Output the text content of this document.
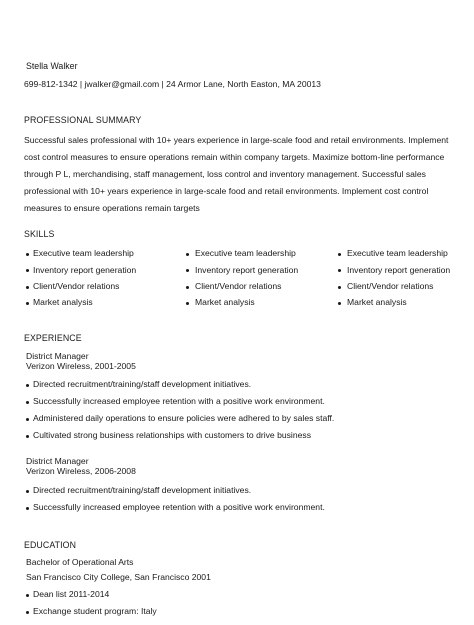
Stella Walker
699-812-1342 | jwalker@gmail.com | 24 Armor Lane, North Easton, MA 20013
PROFESSIONAL SUMMARY

Successful sales professional with 10+ years experience in large-scale food and retail environments. Implement

cost control measures to ensure operations remain within company targets. Maximize bottom-line performance

through P L, merchandising, staff management, loss control and inventory management. Successful sales

professional with 10+ years experience in large-scale food and retail environments. Implement cost control

measures to ensure operations remain targets

SKILLS
Executive team leadership
Inventory report generation
Client/Vendor relations
Market analysis
Executive team leadership
Inventory report generation
Client/Vendor relations
Market analysis
Executive team leadership
Inventory report generation
Client/Vendor relations
Market analysis
EXPERIENCE
District Manager
Verizon Wireless, 2001-2005
Directed recruitment/training/staff development initiatives.
Successfully increased employee retention with a positive work environment.
Administered daily operations to ensure policies were adhered to by sales staff.
Cultivated strong business relationships with customers to drive business
District Manager
Verizon Wireless, 2006-2008
Directed recruitment/training/staff development initiatives.
Successfully increased employee retention with a positive work environment.
EDUCATION
Bachelor of Operational Arts
San Francisco City College, San Francisco 2001
Dean list 2011-2014
Exchange student program: Italy
